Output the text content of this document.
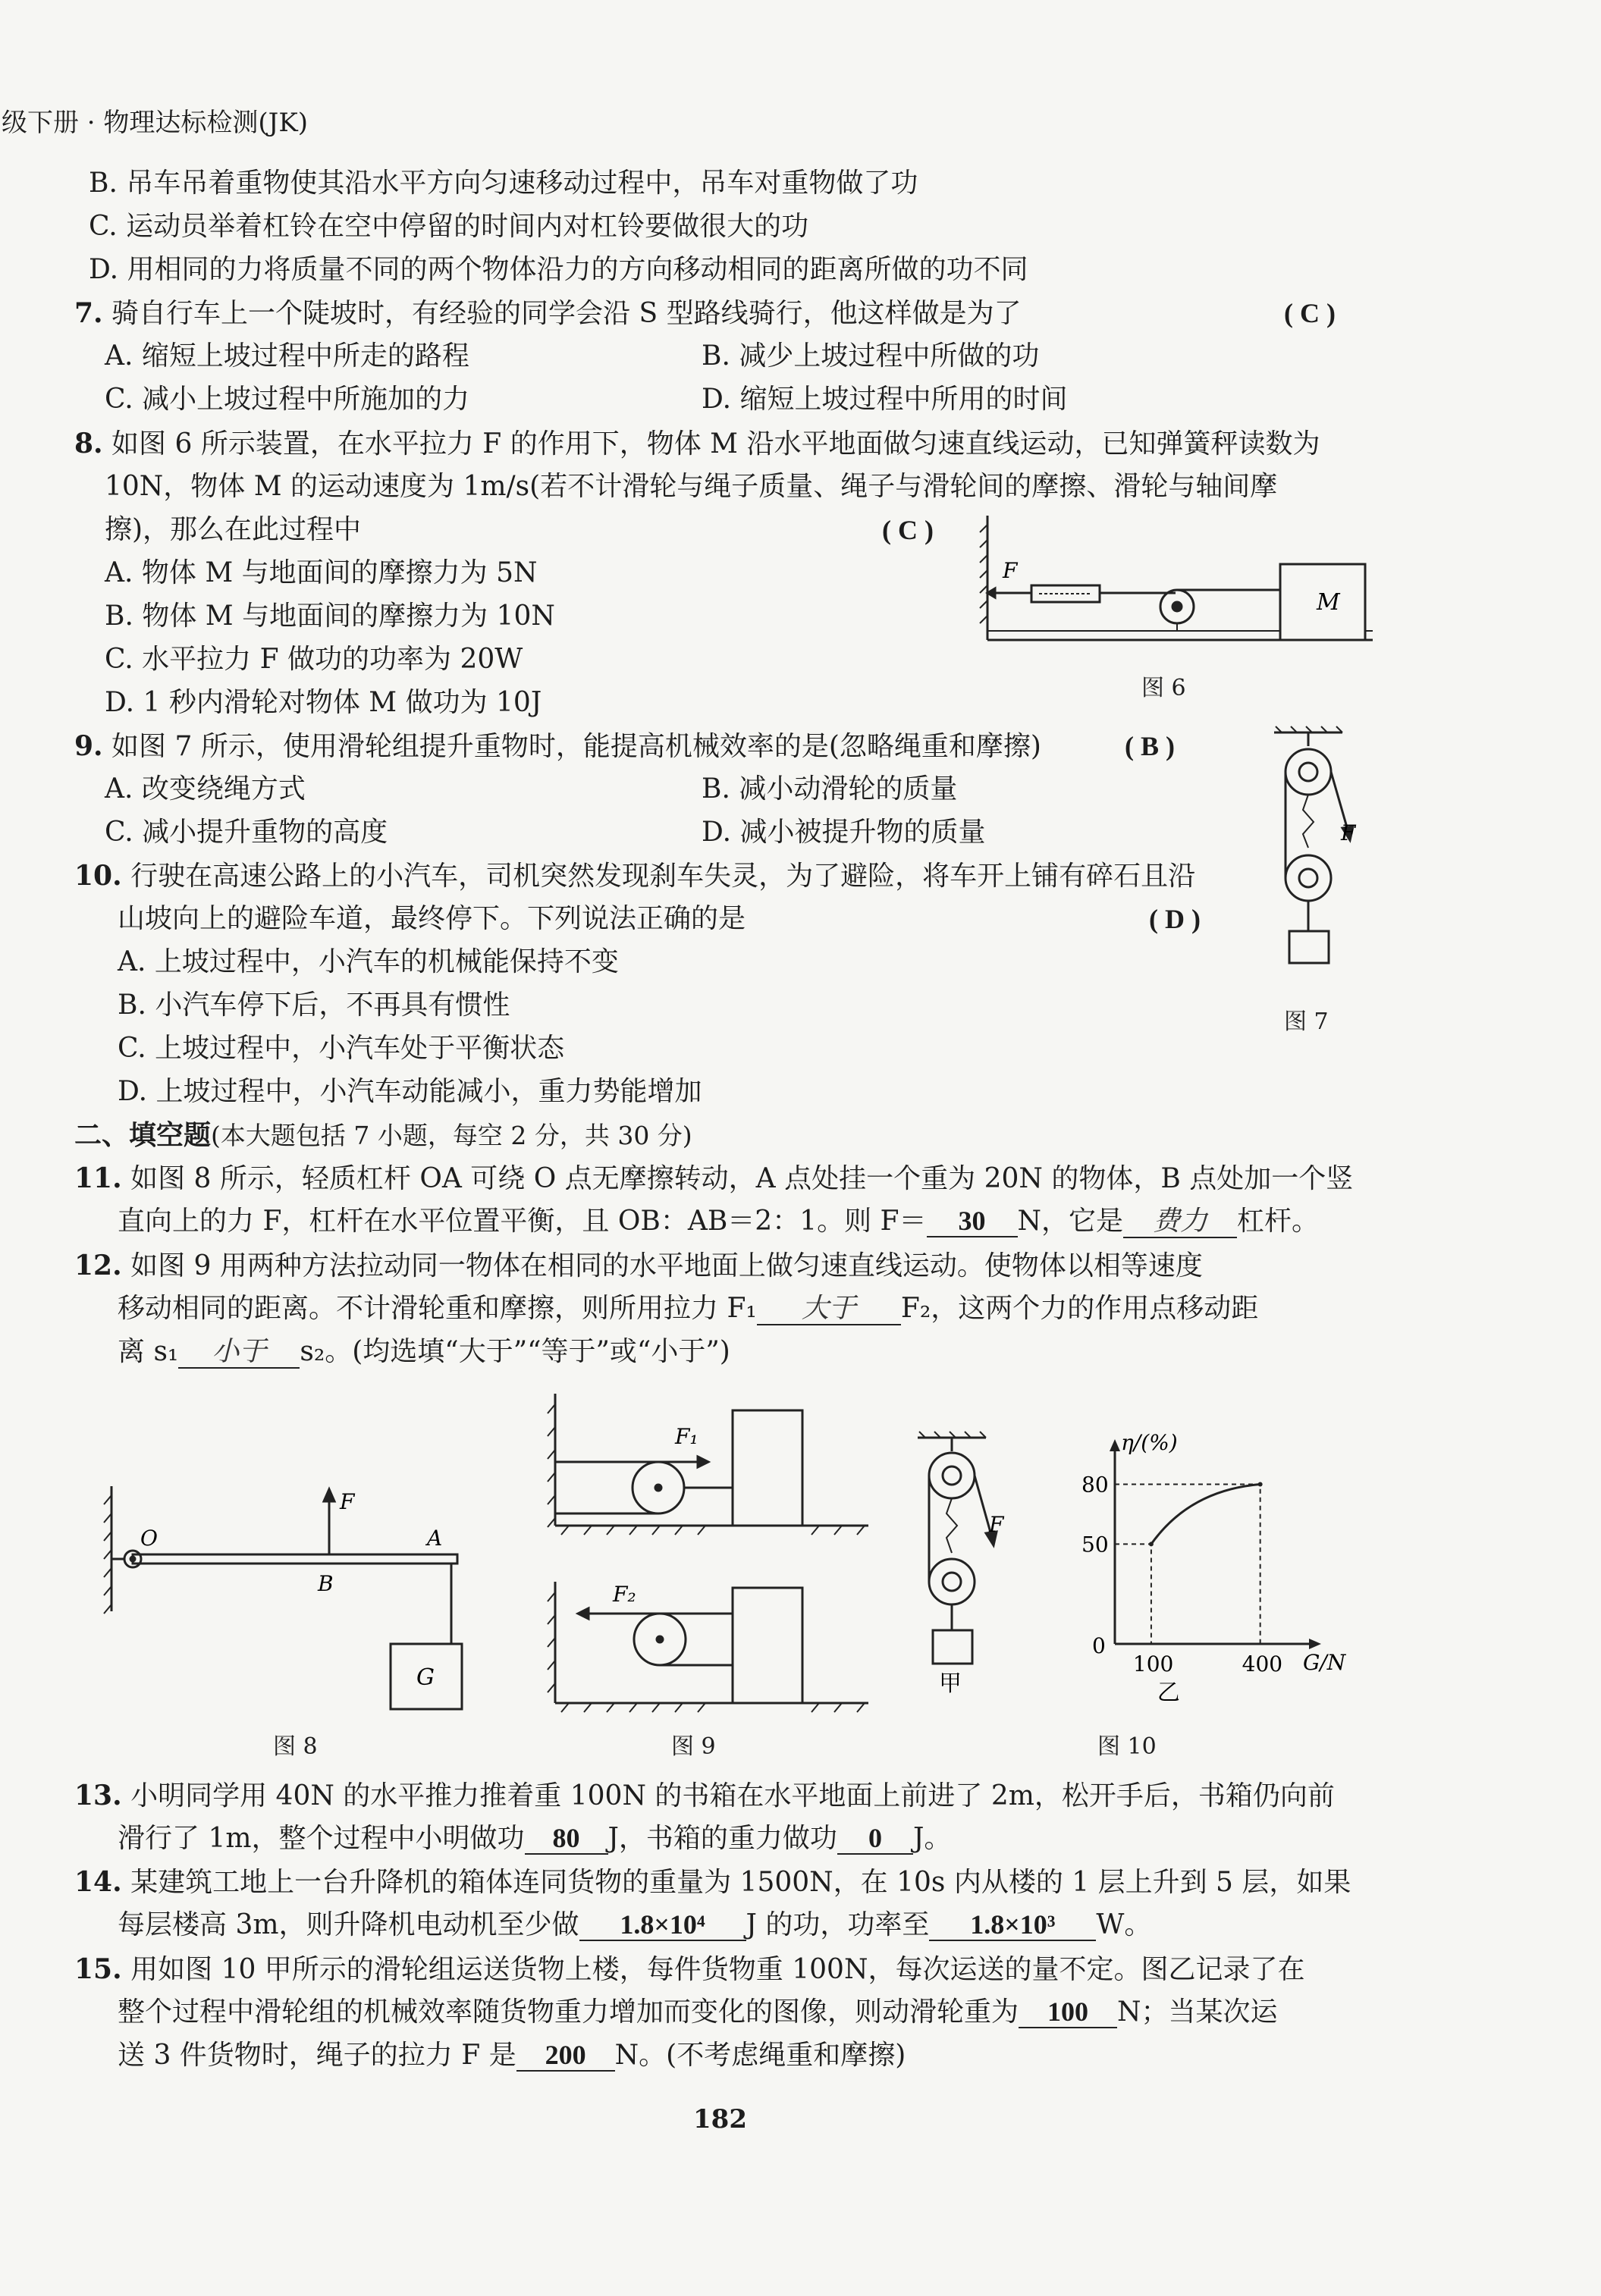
级下册 · 物理达标检测(JK)
B. 吊车吊着重物使其沿水平方向匀速移动过程中，吊车对重物做了功
C. 运动员举着杠铃在空中停留的时间内对杠铃要做很大的功
D. 用相同的力将质量不同的两个物体沿力的方向移动相同的距离所做的功不同
7. 骑自行车上一个陡坡时，有经验的同学会沿 S 型路线骑行，他这样做是为了	( C )
A. 缩短上坡过程中所走的路程	B. 减少上坡过程中所做的功
C. 减小上坡过程中所施加的力	D. 缩短上坡过程中所用的时间
8. 如图 6 所示装置，在水平拉力 F 的作用下，物体 M 沿水平地面做匀速直线运动，已知弹簧秤读数为
10N，物体 M 的运动速度为 1m/s(若不计滑轮与绳子质量、绳子与滑轮间的摩擦、滑轮与轴间摩
擦)，那么在此过程中	( C )
A. 物体 M 与地面间的摩擦力为 5N
B. 物体 M 与地面间的摩擦力为 10N
C. 水平拉力 F 做功的功率为 20W
D. 1 秒内滑轮对物体 M 做功为 10J
F
M
图 6
9. 如图 7 所示，使用滑轮组提升重物时，能提高机械效率的是(忽略绳重和摩擦)	( B )
A. 改变绕绳方式	B. 减小动滑轮的质量
C. 减小提升重物的高度	D. 减小被提升物的质量	F
图 7
10. 行驶在高速公路上的小汽车，司机突然发现刹车失灵，为了避险，将车开上铺有碎石且沿
山坡向上的避险车道，最终停下。下列说法正确的是	( D )
A. 上坡过程中，小汽车的机械能保持不变
B. 小汽车停下后，不再具有惯性
C. 上坡过程中，小汽车处于平衡状态
D. 上坡过程中，小汽车动能减小，重力势能增加
二、填空题(本大题包括 7 小题，每空 2 分，共 30 分)
11. 如图 8 所示，轻质杠杆 OA 可绕 O 点无摩擦转动，A 点处挂一个重为 20N 的物体，B 点处加一个竖
直向上的力 F，杠杆在水平位置平衡，且 OB：AB＝2：1。则 F＝ 30 N，它是 费力 杠杆。
12. 如图 9 用两种方法拉动同一物体在相同的水平地面上做匀速直线运动。使物体以相等速度
移动相同的距离。不计滑轮重和摩擦，则所用拉力 F₁ 大于 F₂，这两个力的作用点移动距
离 s₁ 小于 s₂。(均选填“大于”“等于”或“小于”)
O	A
B
F
G
图 8
F₁
F₂
图 9
F
甲
η/(%)
G/N
乙
50
80
0
100	400
图 10
13. 小明同学用 40N 的水平推力推着重 100N 的书箱在水平地面上前进了 2m，松开手后，书箱仍向前
滑行了 1m，整个过程中小明做功 80 J，书箱的重力做功 0 J。
14. 某建筑工地上一台升降机的箱体连同货物的重量为 1500N，在 10s 内从楼的 1 层上升到 5 层，如果
每层楼高 3m，则升降机电动机至少做 1.8×10⁴ J 的功，功率至 1.8×10³ W。
15. 用如图 10 甲所示的滑轮组运送货物上楼，每件货物重 100N，每次运送的量不定。图乙记录了在
整个过程中滑轮组的机械效率随货物重力增加而变化的图像，则动滑轮重为 100 N；当某次运
送 3 件货物时，绳子的拉力 F 是 200 N。(不考虑绳重和摩擦)
182
